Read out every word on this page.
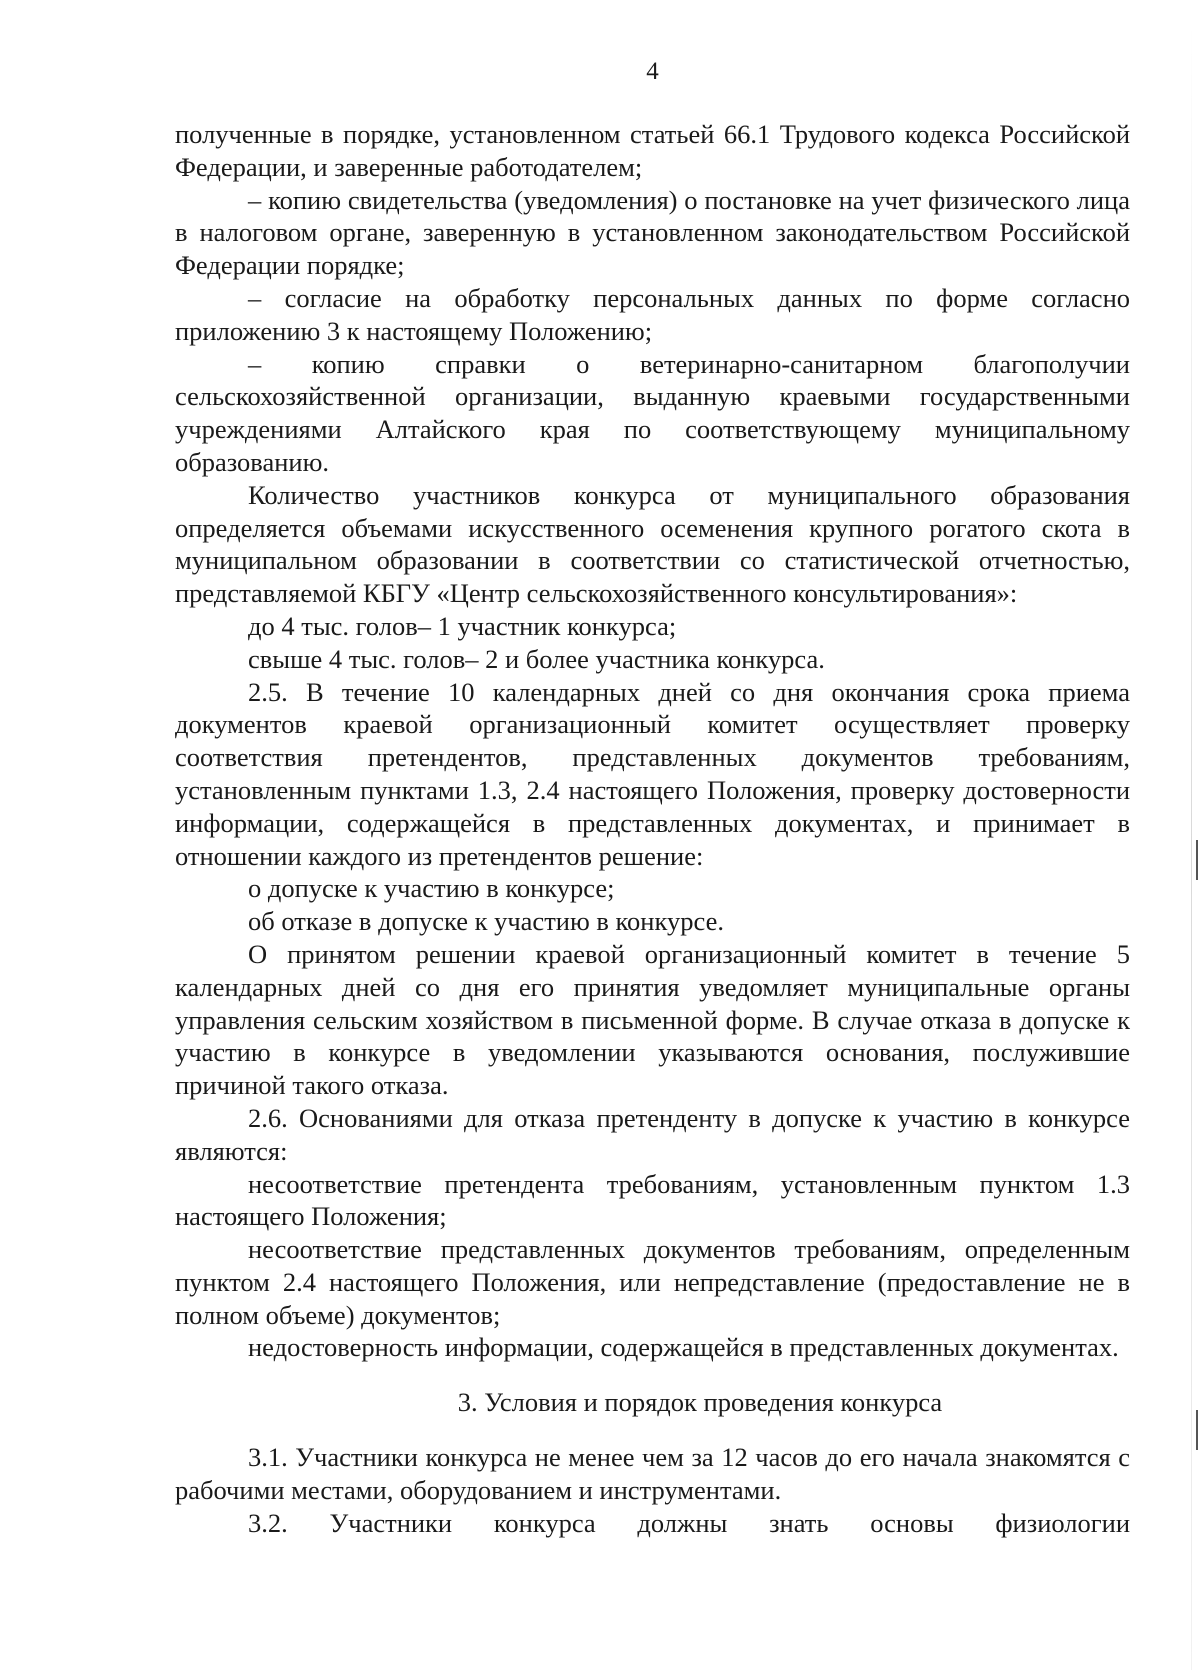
4

полученные в порядке, установленном статьей 66.1 Трудового кодекса Российской Федерации, и заверенные работодателем;

– копию свидетельства (уведомления) о постановке на учет физического лица в налоговом органе, заверенную в установленном законодательством Российской Федерации порядке;

– согласие на обработку персональных данных по форме согласно приложению 3 к настоящему Положению;

– копию справки о ветеринарно-санитарном благополучии сельскохозяйственной организации, выданную краевыми государственными учреждениями Алтайского края по соответствующему муниципальному образованию.

Количество участников конкурса от муниципального образования определяется объемами искусственного осеменения крупного рогатого скота в муниципальном образовании в соответствии со статистической отчетностью, представляемой КБГУ «Центр сельскохозяйственного консультирования»:

до 4 тыс. голов– 1 участник конкурса;

свыше 4 тыс. голов– 2 и более участника конкурса.

2.5. В течение 10 календарных дней со дня окончания срока приема документов краевой организационный комитет осуществляет проверку соответствия претендентов, представленных документов требованиям, установленным пунктами 1.3, 2.4 настоящего Положения, проверку достоверности информации, содержащейся в представленных документах, и принимает в отношении каждого из претендентов решение:

о допуске к участию в конкурсе;

об отказе в допуске к участию в конкурсе.

О принятом решении краевой организационный комитет в течение 5 календарных дней со дня его принятия уведомляет муниципальные органы управления сельским хозяйством в письменной форме. В случае отказа в допуске к участию в конкурсе в уведомлении указываются основания, послужившие причиной такого отказа.

2.6. Основаниями для отказа претенденту в допуске к участию в конкурсе являются:

несоответствие претендента требованиям, установленным пунктом 1.3 настоящего Положения;

несоответствие представленных документов требованиям, определенным пунктом 2.4 настоящего Положения, или непредставление (предоставление не в полном объеме) документов;

недостоверность информации, содержащейся в представленных документах.

3. Условия и порядок проведения конкурса

3.1. Участники конкурса не менее чем за 12 часов до его начала знакомятся с рабочими местами, оборудованием и инструментами.

3.2. Участники конкурса должны знать основы физиологии
